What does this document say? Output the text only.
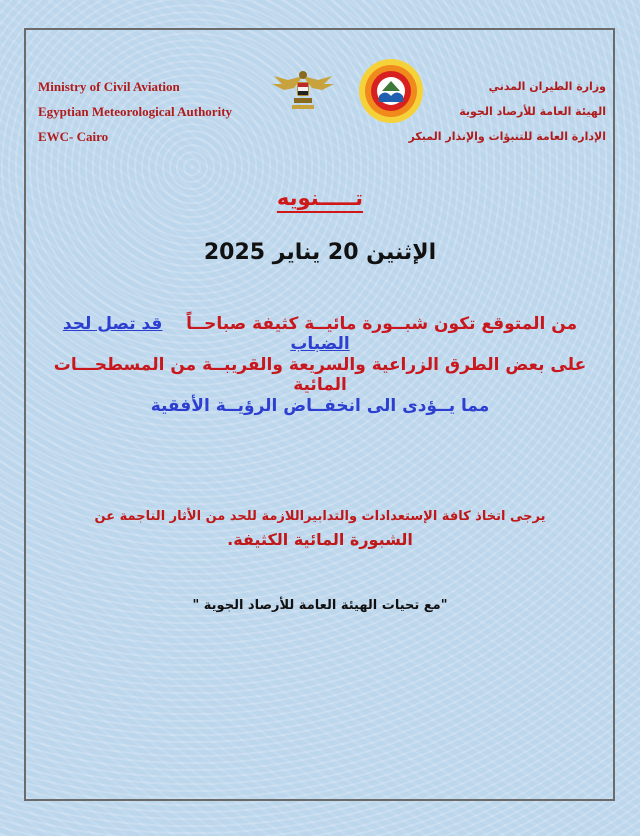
Ministry of Civil Aviation
Egyptian Meteorological Authority
EWC- Cairo
وزارة الطيران المدني
الهيئة العامة للأرصاد الجوية
الإدارة العامة للتنبؤات والإنذار المبكر
تـــــنويه
الإثنين 20 يناير 2025
من المتوقع تكون شبــورة مائيــة كثيفة صباحــاً    قد تصل لحد الضباب
على بعض الطرق الزراعية والسريعة والقريبــة من المسطحـــات المائية
مما يــؤدى الى انخفــاض الرؤيــة الأفقية
يرجى اتخاذ كافة الإستعدادات والتدابيراللازمة للحد من الأثار الناجمة عن
الشبورة المائية الكثيفة.
"مع تحيات الهيئة العامة للأرصاد الجوية "
